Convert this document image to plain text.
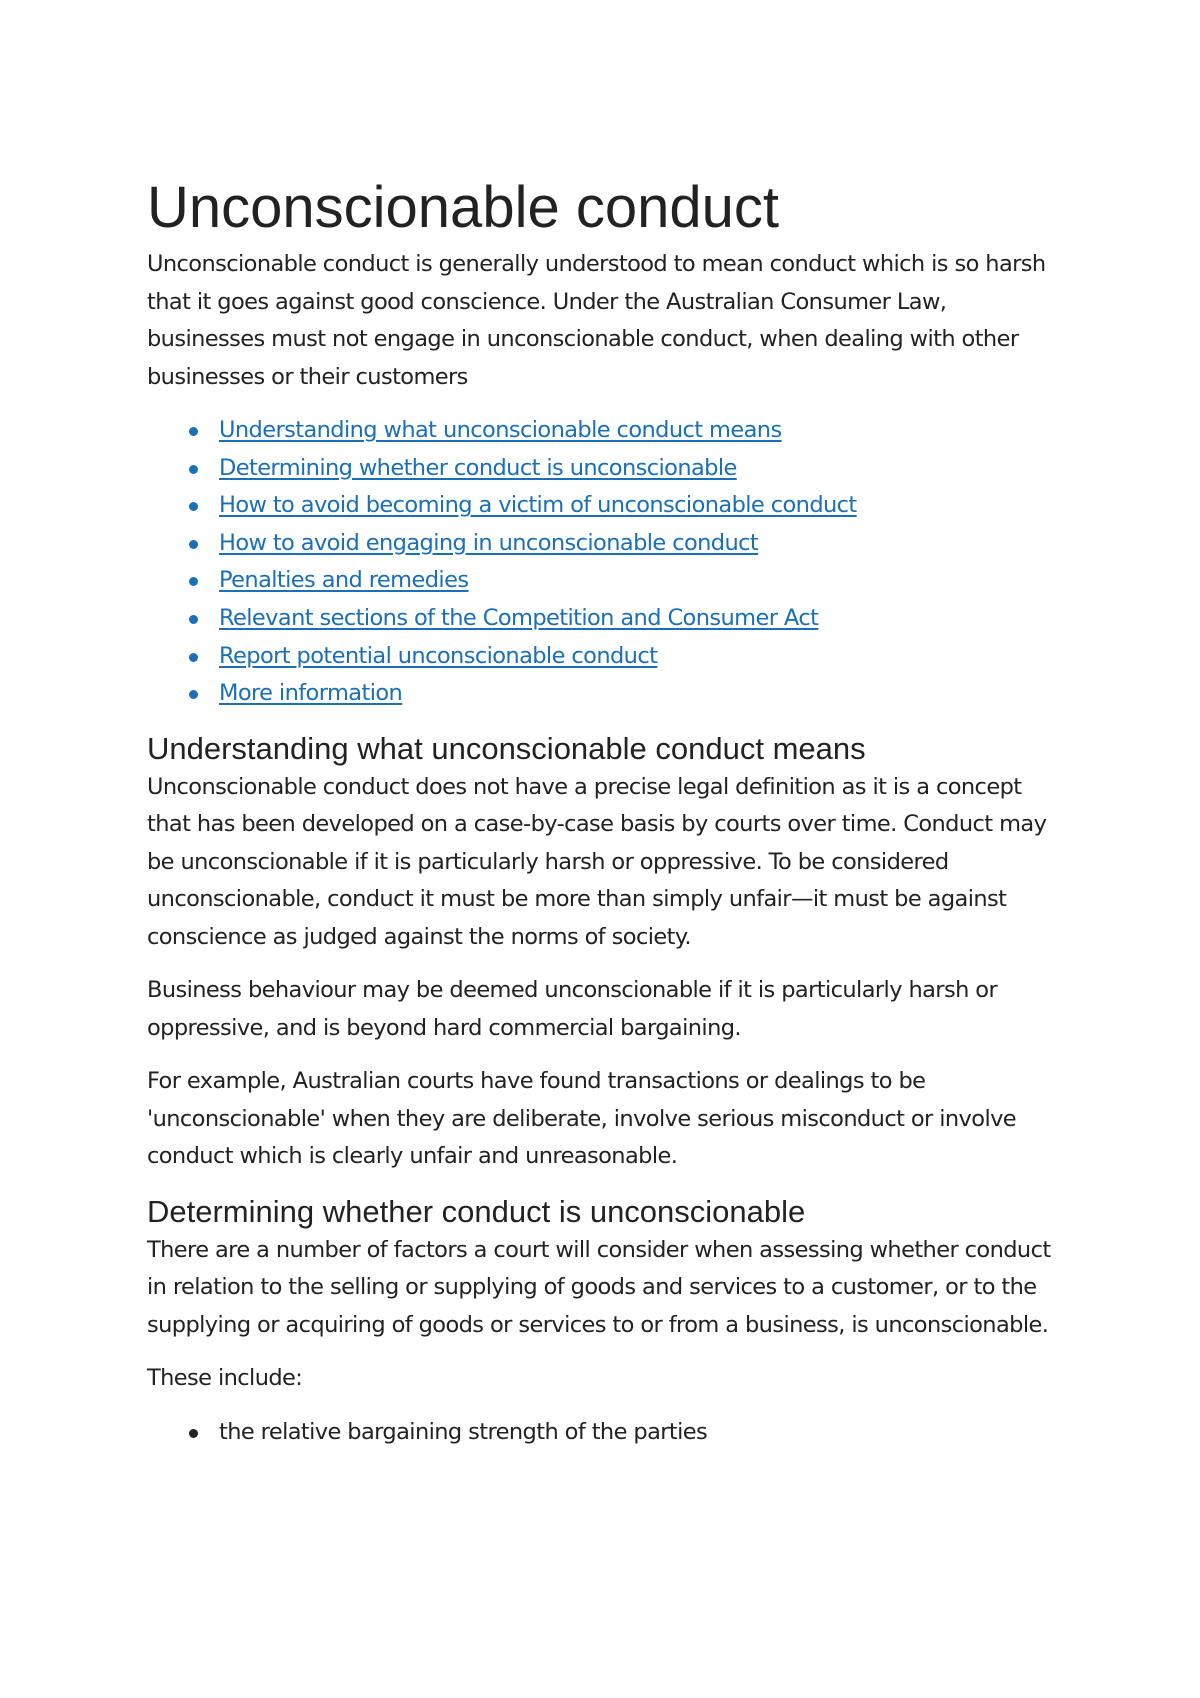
Unconscionable conduct

Unconscionable conduct is generally understood to mean conduct which is so harsh that it goes against good conscience. Under the Australian Consumer Law, businesses must not engage in unconscionable conduct, when dealing with other businesses or their customers

Understanding what unconscionable conduct means
Determining whether conduct is unconscionable
How to avoid becoming a victim of unconscionable conduct
How to avoid engaging in unconscionable conduct
Penalties and remedies
Relevant sections of the Competition and Consumer Act
Report potential unconscionable conduct
More information
Understanding what unconscionable conduct means

Unconscionable conduct does not have a precise legal definition as it is a concept that has been developed on a case-by-case basis by courts over time. Conduct may be unconscionable if it is particularly harsh or oppressive. To be considered unconscionable, conduct it must be more than simply unfair—it must be against conscience as judged against the norms of society.

Business behaviour may be deemed unconscionable if it is particularly harsh or oppressive, and is beyond hard commercial bargaining.

For example, Australian courts have found transactions or dealings to be 'unconscionable' when they are deliberate, involve serious misconduct or involve conduct which is clearly unfair and unreasonable.

Determining whether conduct is unconscionable

There are a number of factors a court will consider when assessing whether conduct in relation to the selling or supplying of goods and services to a customer, or to the supplying or acquiring of goods or services to or from a business, is unconscionable.

These include:

the relative bargaining strength of the parties
